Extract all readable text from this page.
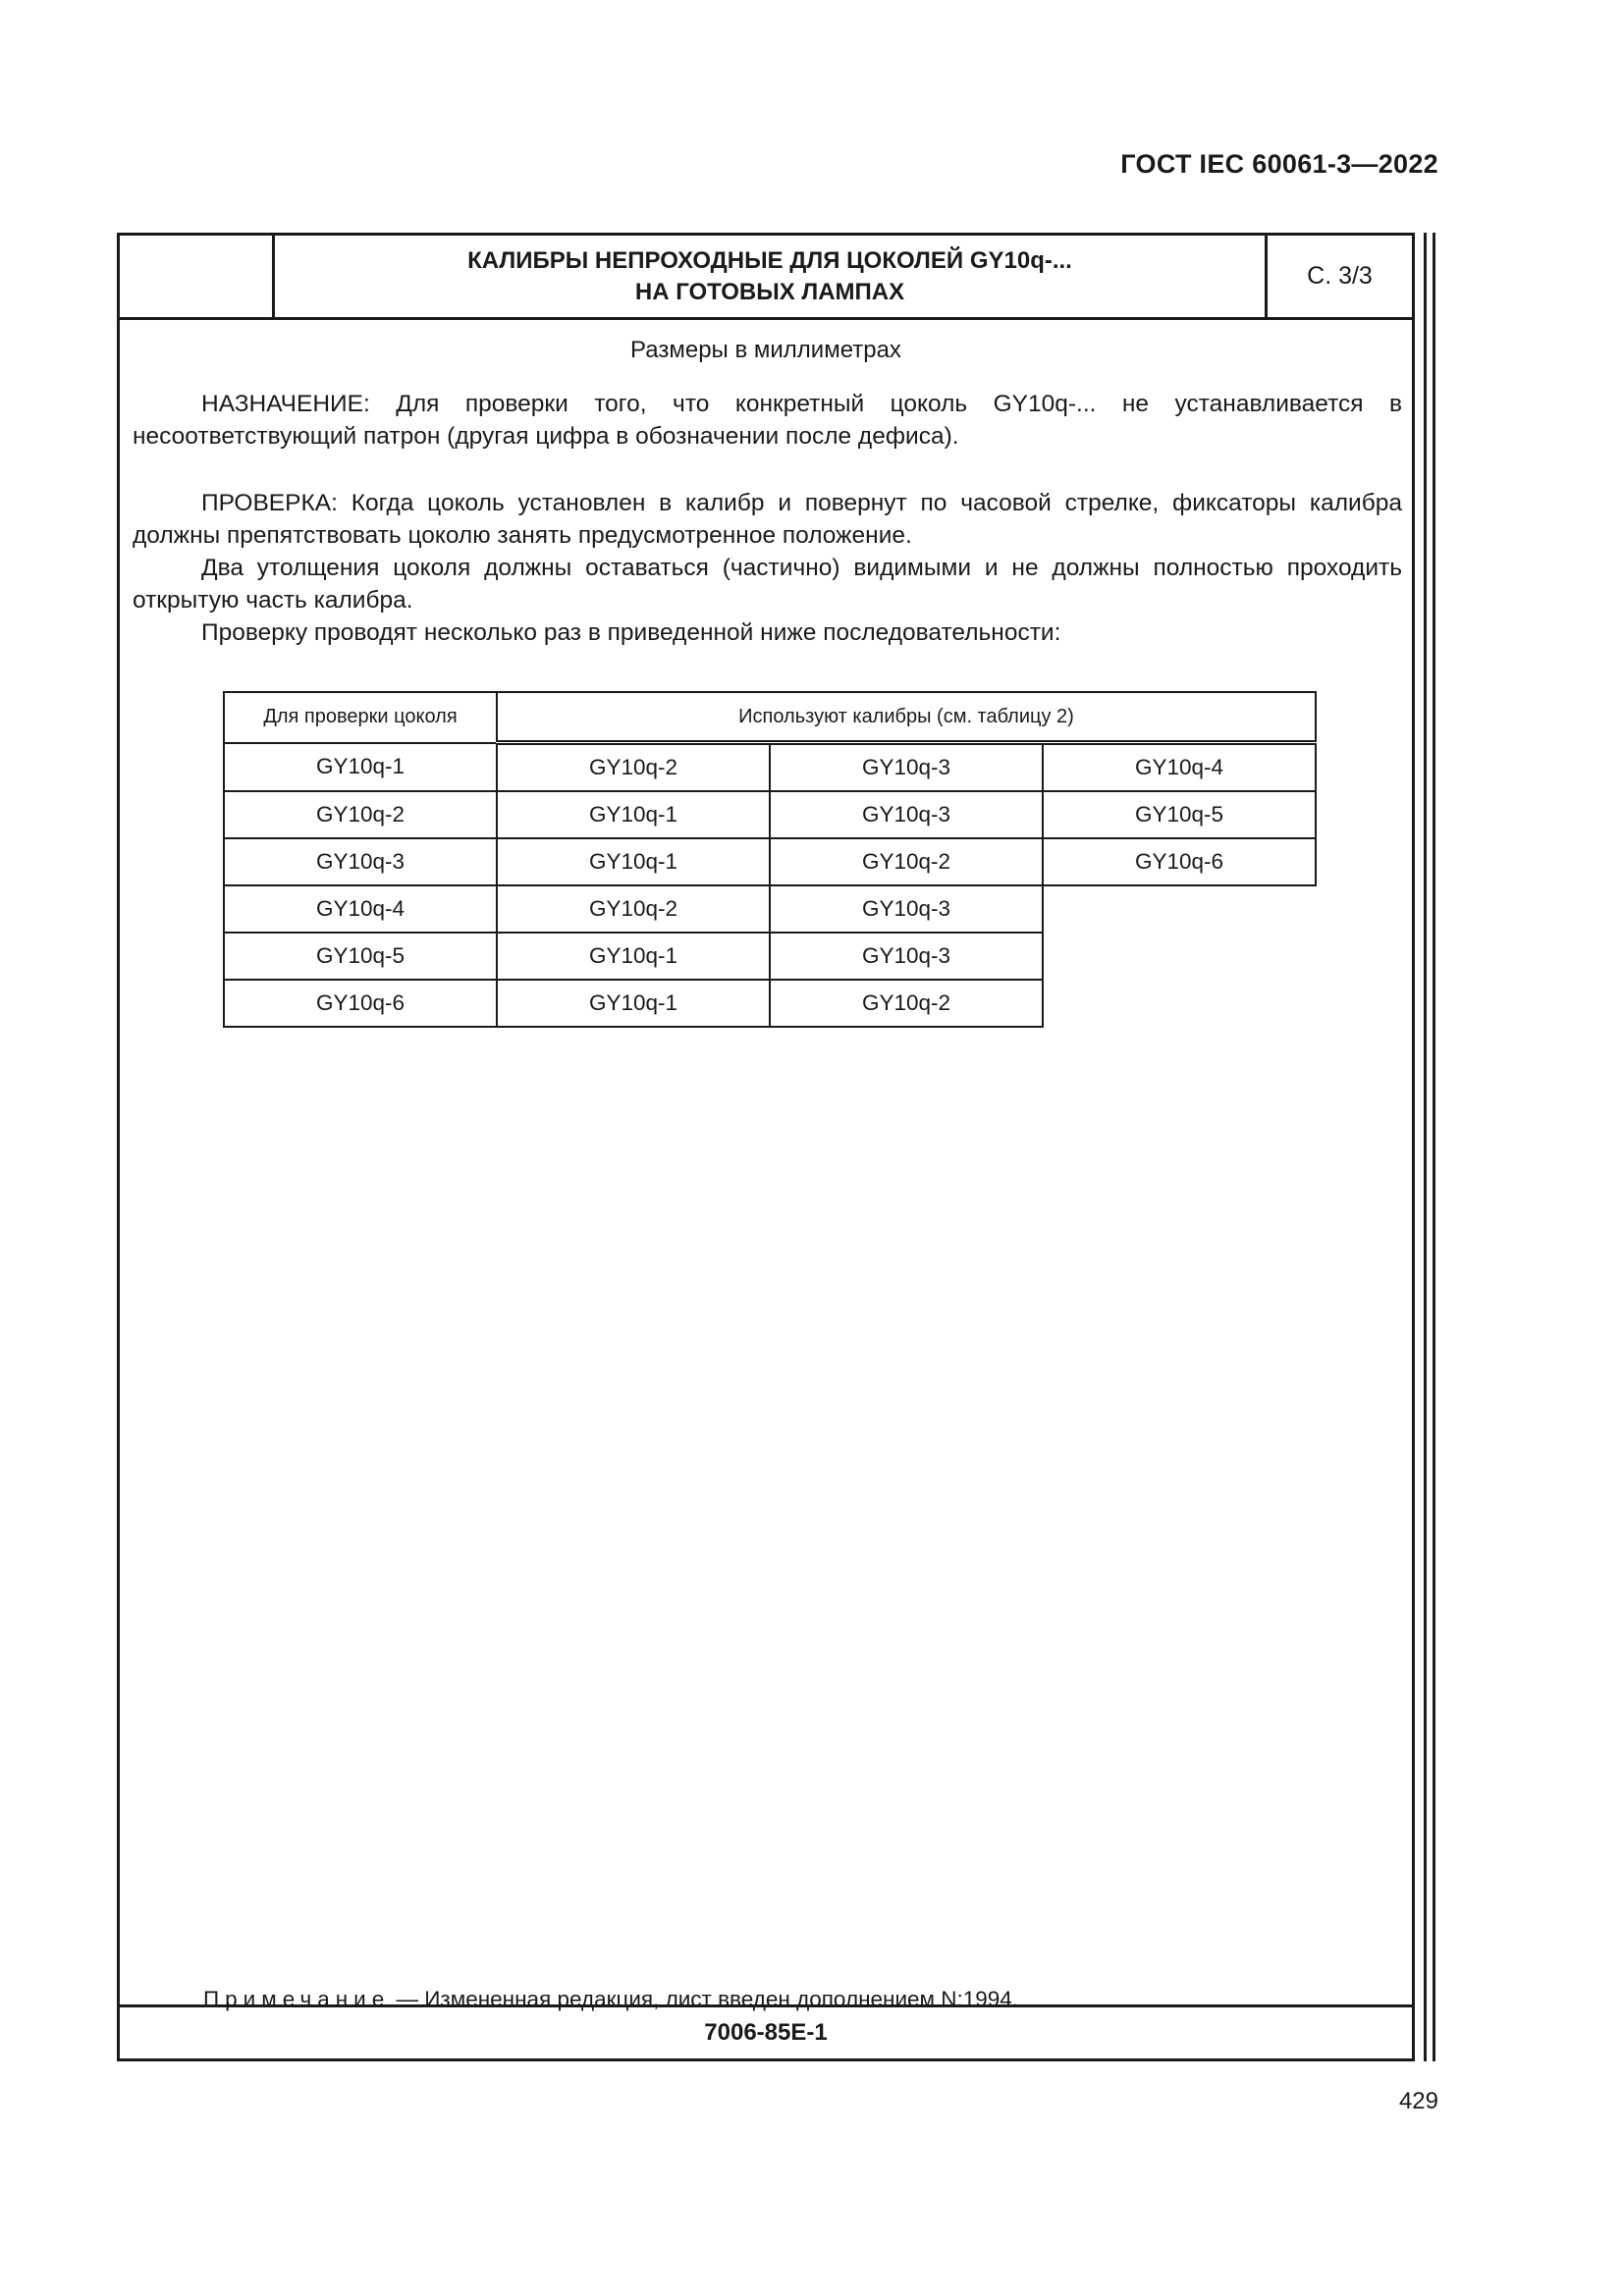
ГОСТ IEC 60061-3—2022
КАЛИБРЫ НЕПРОХОДНЫЕ ДЛЯ ЦОКОЛЕЙ GY10q-...
НА ГОТОВЫХ ЛАМПАХ
С. 3/3
Размеры в миллиметрах

НАЗНАЧЕНИЕ: Для проверки того, что конкретный цоколь GY10q-... не устанавливается в несоответствующий патрон (другая цифра в обозначении после дефиса).

ПРОВЕРКА: Когда цоколь установлен в калибр и повернут по часовой стрелке, фиксаторы калибра должны препятствовать цоколю занять предусмотренное положение.

Два утолщения цоколя должны оставаться (частично) видимыми и не должны полностью проходить открытую часть калибра.

Проверку проводят несколько раз в приведенной ниже последовательности:

Для проверки цоколя	Используют калибры (см. таблицу 2)		
GY10q-1	GY10q-2	GY10q-3	GY10q-4
GY10q-2	GY10q-1	GY10q-3	GY10q-5
GY10q-3	GY10q-1	GY10q-2	GY10q-6
GY10q-4	GY10q-2	GY10q-3	
GY10q-5	GY10q-1	GY10q-3	
GY10q-6	GY10q-1	GY10q-2	
Примечание — Измененная редакция, лист введен дополнением N:1994.
7006-85E-1
429
